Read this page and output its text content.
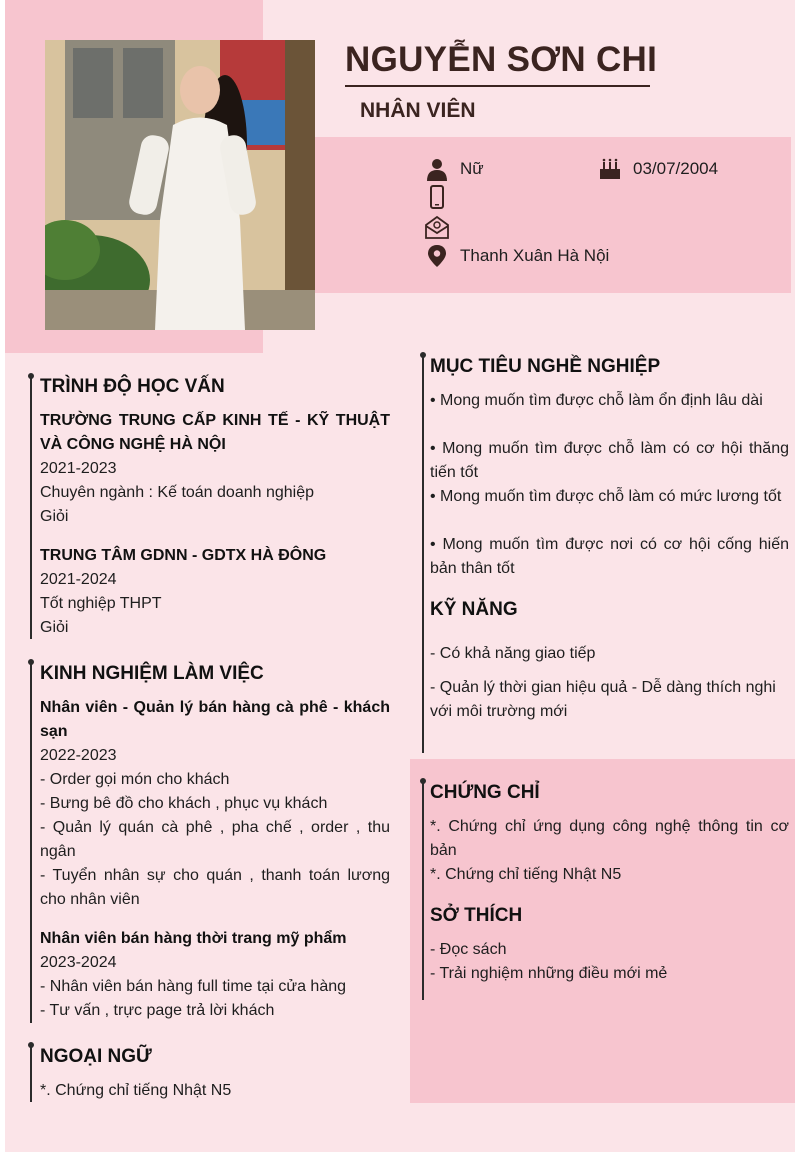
NGUYỄN SƠN CHI
NHÂN VIÊN
Nữ	03/07/2004
Thanh Xuân Hà Nội
TRÌNH ĐỘ HỌC VẤN
TRƯỜNG TRUNG CẤP KINH TẾ - KỸ THUẬT VÀ CÔNG NGHỆ HÀ NỘI
2021-2023
Chuyên ngành : Kế toán doanh nghiệp
Giỏi
TRUNG TÂM GDNN - GDTX HÀ ĐÔNG
2021-2024
Tốt nghiệp THPT
Giỏi
KINH NGHIỆM LÀM VIỆC
Nhân viên - Quản lý bán hàng cà phê - khách sạn
2022-2023
- Order gọi món cho khách
- Bưng bê đồ cho khách , phục vụ khách
- Quản lý quán cà phê , pha chế , order , thu ngân
- Tuyển nhân sự cho quán , thanh toán lương cho nhân viên
Nhân viên bán hàng thời trang mỹ phẩm
2023-2024
- Nhân viên bán hàng full time tại cửa hàng
- Tư vấn , trực page trả lời khách
NGOẠI NGỮ
*. Chứng chỉ tiếng Nhật N5
MỤC TIÊU NGHỀ NGHIỆP
• Mong muốn tìm được chỗ làm ổn định lâu dài
• Mong muốn tìm được chỗ làm có cơ hội thăng tiến tốt
• Mong muốn tìm được chỗ làm có mức lương tốt
• Mong muốn tìm được nơi có cơ hội cống hiến bản thân tốt
KỸ NĂNG
- Có khả năng giao tiếp
- Quản lý thời gian hiệu quả - Dễ dàng thích nghi với môi trường mới
CHỨNG CHỈ
*. Chứng chỉ ứng dụng công nghệ thông tin cơ bản
*. Chứng chỉ tiếng Nhật N5
SỞ THÍCH
- Đọc sách
- Trải nghiệm những điều mới mẻ
